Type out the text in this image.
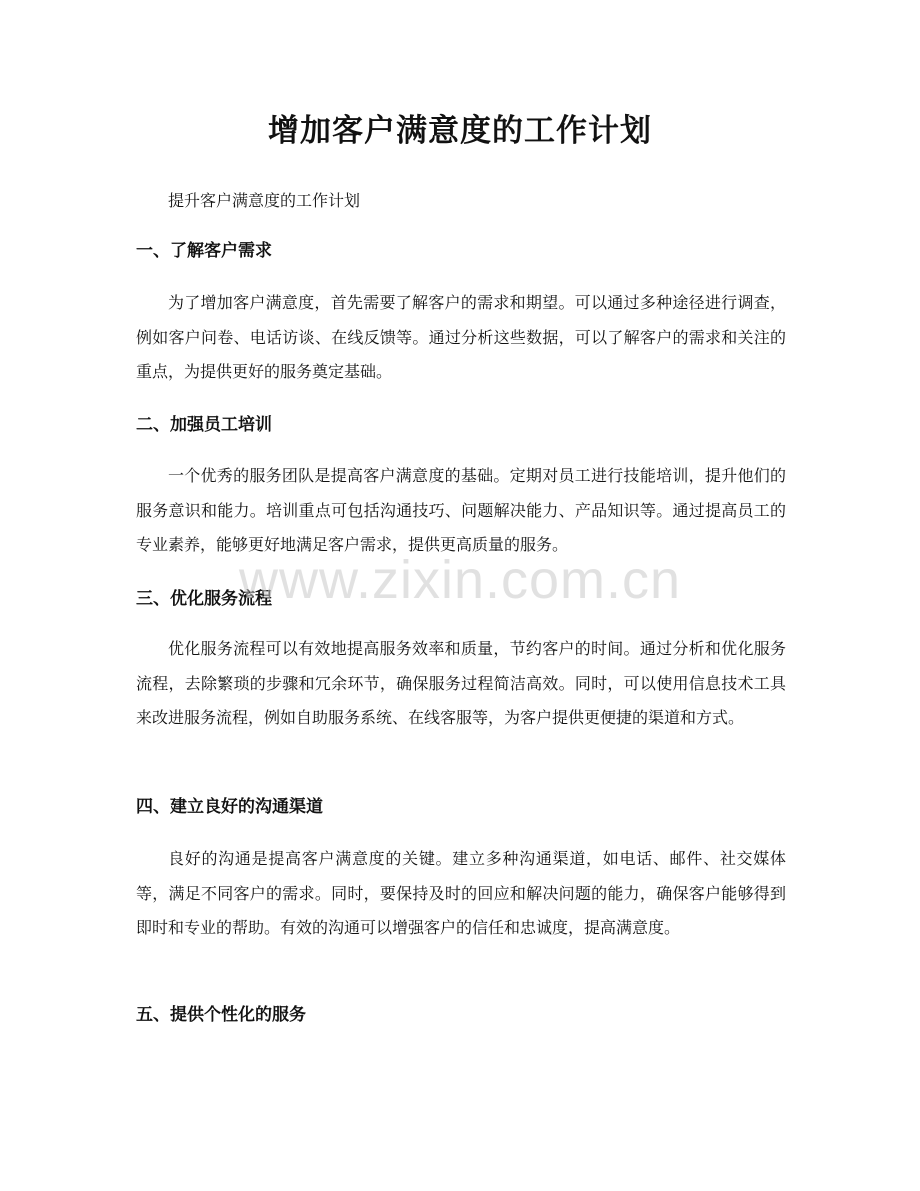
增加客户满意度的工作计划

提升客户满意度的工作计划

一、了解客户需求

为了增加客户满意度，首先需要了解客户的需求和期望。可以通过多种途径进行调查，例如客户问卷、电话访谈、在线反馈等。通过分析这些数据，可以了解客户的需求和关注的重点，为提供更好的服务奠定基础。

二、加强员工培训

一个优秀的服务团队是提高客户满意度的基础。定期对员工进行技能培训，提升他们的服务意识和能力。培训重点可包括沟通技巧、问题解决能力、产品知识等。通过提高员工的专业素养，能够更好地满足客户需求，提供更高质量的服务。

三、优化服务流程

优化服务流程可以有效地提高服务效率和质量，节约客户的时间。通过分析和优化服务流程，去除繁琐的步骤和冗余环节，确保服务过程简洁高效。同时，可以使用信息技术工具来改进服务流程，例如自助服务系统、在线客服等，为客户提供更便捷的渠道和方式。

四、建立良好的沟通渠道

良好的沟通是提高客户满意度的关键。建立多种沟通渠道，如电话、邮件、社交媒体等，满足不同客户的需求。同时，要保持及时的回应和解决问题的能力，确保客户能够得到即时和专业的帮助。有效的沟通可以增强客户的信任和忠诚度，提高满意度。

五、提供个性化的服务
www.zixin.com.cn
